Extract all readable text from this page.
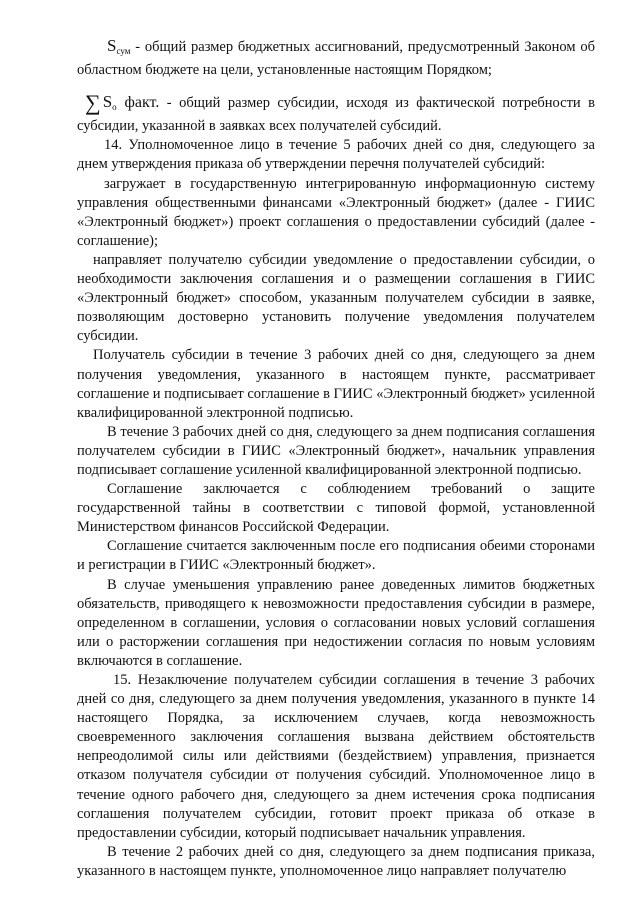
$S_{сум}$ - общий размер бюджетных ассигнований, предусмотренный Законом об областном бюджете на цели, установленные настоящим Порядком;

∑ $S_о$ факт. - общий размер субсидии, исходя из фактической потребности в субсидии, указанной в заявках всех получателей субсидий.

14. Уполномоченное лицо в течение 5 рабочих дней со дня, следующего за днем утверждения приказа об утверждении перечня получателей субсидий:

загружает в государственную интегрированную информационную систему управления общественными финансами «Электронный бюджет» (далее - ГИИС «Электронный бюджет») проект соглашения о предоставлении субсидий (далее - соглашение);

направляет получателю субсидии уведомление о предоставлении субсидии, о необходимости заключения соглашения и о размещении соглашения в ГИИС «Электронный бюджет» способом, указанным получателем субсидии в заявке, позволяющим достоверно установить получение уведомления получателем субсидии.

Получатель субсидии в течение 3 рабочих дней со дня, следующего за днем получения уведомления, указанного в настоящем пункте, рассматривает соглашение и подписывает соглашение в ГИИС «Электронный бюджет» усиленной квалифицированной электронной подписью.

В течение 3 рабочих дней со дня, следующего за днем подписания соглашения получателем субсидии в ГИИС «Электронный бюджет», начальник управления подписывает соглашение усиленной квалифицированной электронной подписью.

Соглашение заключается с соблюдением требований о защите государственной тайны в соответствии с типовой формой, установленной Министерством финансов Российской Федерации.

Соглашение считается заключенным после его подписания обеими сторонами и регистрации в ГИИС «Электронный бюджет».

В случае уменьшения управлению ранее доведенных лимитов бюджетных обязательств, приводящего к невозможности предоставления субсидии в размере, определенном в соглашении, условия о согласовании новых условий соглашения или о расторжении соглашения при недостижении согласия по новым условиям включаются в соглашение.

15. Незаключение получателем субсидии соглашения в течение 3 рабочих дней со дня, следующего за днем получения уведомления, указанного в пункте 14 настоящего Порядка, за исключением случаев, когда невозможность своевременного заключения соглашения вызвана действием обстоятельств непреодолимой силы или действиями (бездействием) управления, признается отказом получателя субсидии от получения субсидий. Уполномоченное лицо в течение одного рабочего дня, следующего за днем истечения срока подписания соглашения получателем субсидии, готовит проект приказа об отказе в предоставлении субсидии, который подписывает начальник управления.

В течение 2 рабочих дней со дня, следующего за днем подписания приказа, указанного в настоящем пункте, уполномоченное лицо направляет получателю
